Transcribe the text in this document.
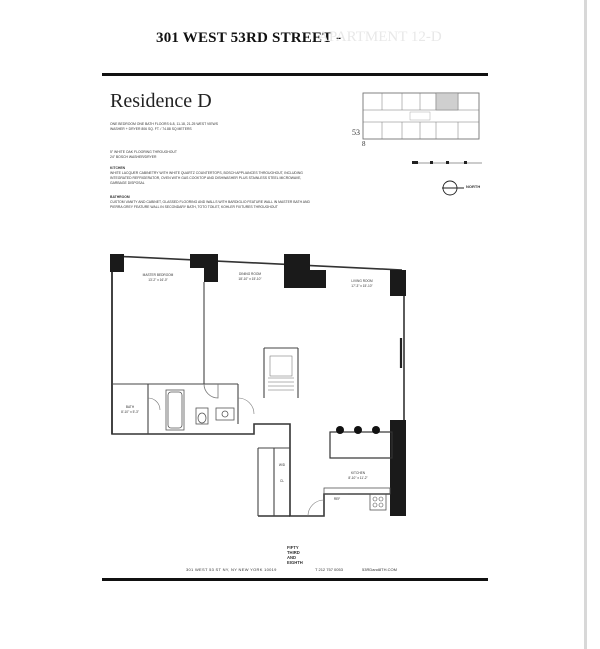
301 WEST 53RD STREET -
APARTMENT 12-D
Residence D
ONE BEDROOM ONE BATH FLOORS 6-8, 11-18, 21-25 WEST VIEWS
WASHER + DRYER 806 SQ. FT. / 74.88 SQ METERS
5" WHITE OAK FLOORING THROUGHOUT
24" BOSCH WASHER/DRYER
KITCHEN
WHITE LACQUER CABINETRY WITH WHITE QUARTZ COUNTERTOPS, BOSCH APPLIANCES THROUGHOUT, INCLUDING INTEGRATED REFRIGERATOR, OVEN WITH GAS COOKTOP AND DISHWASHER PLUS STAINLESS STEEL MICROWAVE, GARBAGE DISPOSAL
BATHROOM
CUSTOM VANITY AND CABINET, GLASSED FLOORING AND WALLS WITH BARDIGLIO FEATURE WALL IN MASTER BATH AND PIERRA GREY FEATURE WALL IN SECONDARY BATH, TOTO TOILET, KOHLER FIXTURES THROUGHOUT
53
8
NORTH
MASTER BEDROOM
13'-2" x 16'-0"
DINING ROOM
18'-10" x 15'-10"	LIVING ROOM
17'-3" x 15'-10"
BATH
8'-10" x 5'-3"
KITCHEN
8'-10" x 11'-2"
W/D
CL
REF
301 WEST 53 ST NY, NY NEW YORK 10019
FIFTY
THIRD
AND
EIGHTH
T 212 757 0053	53RDand8TH.COM
